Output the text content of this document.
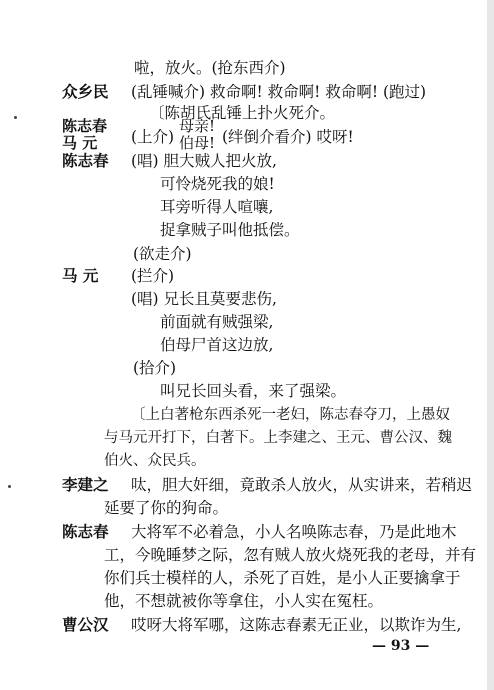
啦，放火。(抢东西介)
众乡民 (乱锤喊介) 救命啊! 救命啊! 救命啊! (跑过)
〔陈胡氏乱锤上扑火死介。
陈志春
马 元 (上介)
母亲!
伯母! (绊倒介看介) 哎呀!
陈志春 (唱) 胆大贼人把火放,
可怜烧死我的娘!
耳旁听得人喧嚷,
捉拿贼子叫他抵偿。
(欲走介)
马 元 (拦介)
(唱) 兄长且莫要悲伤,
前面就有贼强梁,
伯母尸首这边放,
(拾介)
叫兄长回头看，来了强梁。
〔上白著枪东西杀死一老妇，陈志春夺刀，上愚奴
与马元开打下，白著下。上李建之、王元、曹公汉、魏
伯火、众民兵。
李建之 呔，胆大奸细，竟敢杀人放火，从实讲来，若稍迟
延要了你的狗命。
陈志春 大将军不必着急，小人名唤陈志春，乃是此地木
工，今晚睡梦之际，忽有贼人放火烧死我的老母，并有
你们兵士模样的人，杀死了百姓，是小人正要擒拿于
他，不想就被你等拿住，小人实在冤枉。
曹公汉 哎呀大将军哪，这陈志春素无正业，以欺诈为生,
— 93 —
